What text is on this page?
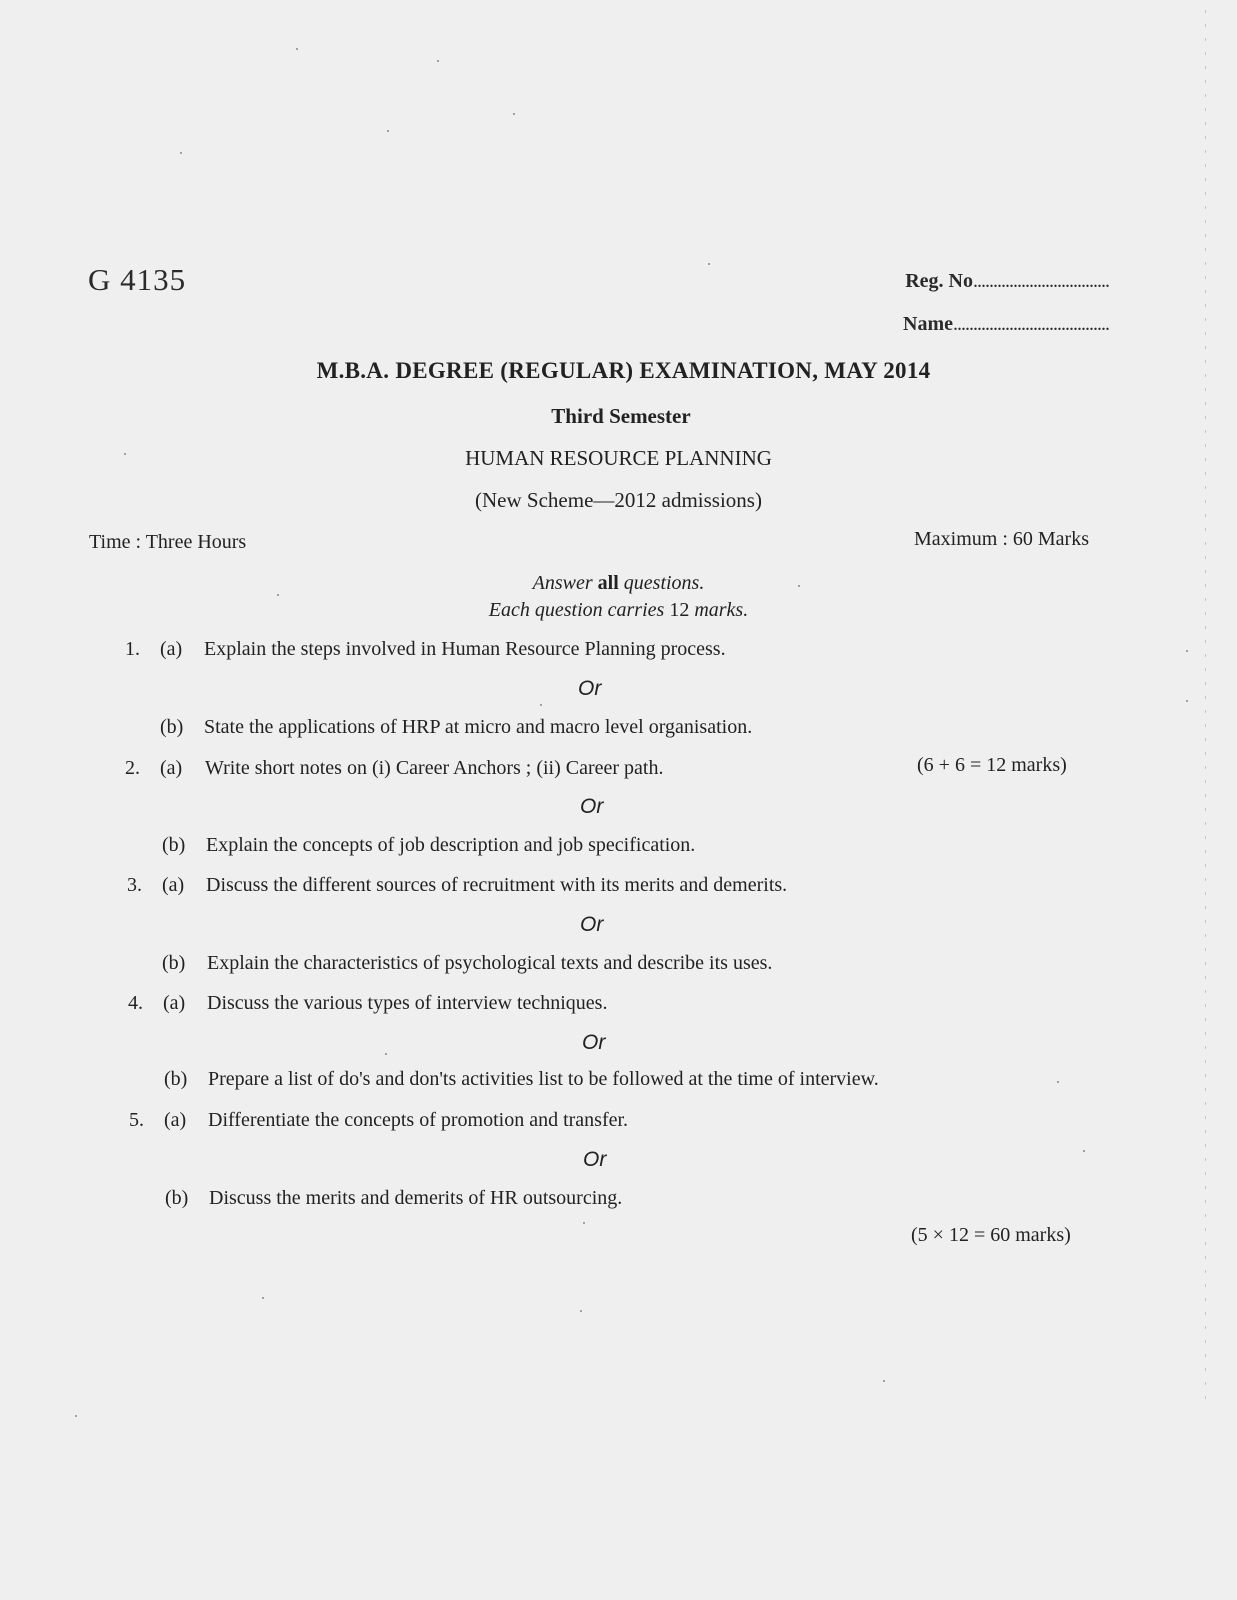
G 4135	Reg. No..................................
Name.......................................
M.B.A. DEGREE (REGULAR) EXAMINATION, MAY 2014
Third Semester
HUMAN RESOURCE PLANNING
(New Scheme—2012 admissions)
Time : Three Hours	Maximum : 60 Marks
Answer all questions.
Each question carries 12 marks.
1. (a) Explain the steps involved in Human Resource Planning process.
Or
(b) State the applications of HRP at micro and macro level organisation.
2. (a) Write short notes on (i) Career Anchors ; (ii) Career path.	(6 + 6 = 12 marks)
Or
(b) Explain the concepts of job description and job specification.
3. (a) Discuss the different sources of recruitment with its merits and demerits.
Or
(b) Explain the characteristics of psychological texts and describe its uses.
4. (a) Discuss the various types of interview techniques.
Or
(b) Prepare a list of do's and don'ts activities list to be followed at the time of interview.
5. (a) Differentiate the concepts of promotion and transfer.
Or
(b) Discuss the merits and demerits of HR outsourcing.
(5 × 12 = 60 marks)
